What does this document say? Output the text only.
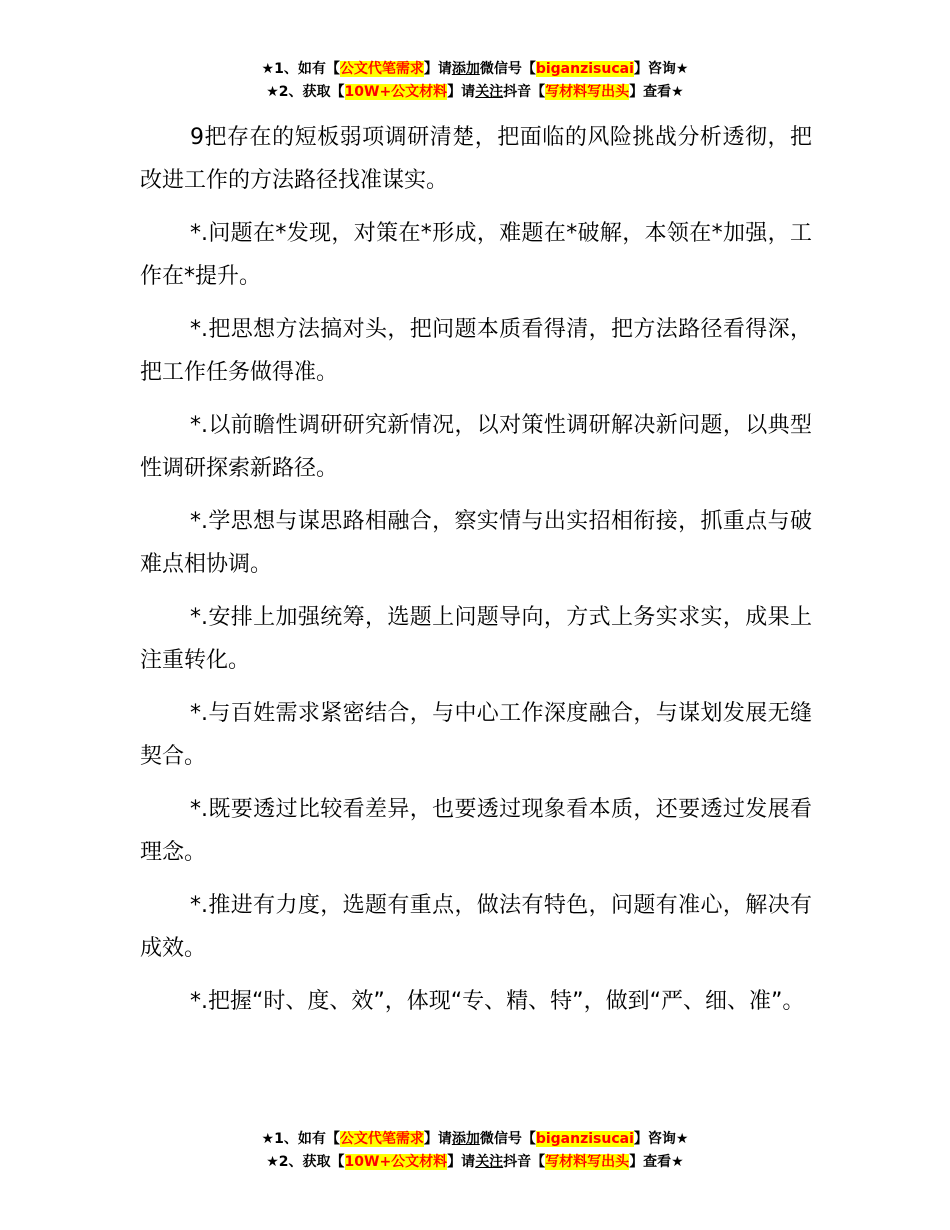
★1、如有【公文代笔需求】请添加微信号【biganzisucai】咨询★
★2、获取【10W+公文材料】请关注抖音【写材料写出头】查看★

9把存在的短板弱项调研清楚，把面临的风险挑战分析透彻，把改进工作的方法路径找准谋实。

*.问题在*发现，对策在*形成，难题在*破解，本领在*加强，工作在*提升。

*.把思想方法搞对头，把问题本质看得清，把方法路径看得深，把工作任务做得准。

*.以前瞻性调研研究新情况，以对策性调研解决新问题，以典型性调研探索新路径。

*.学思想与谋思路相融合，察实情与出实招相衔接，抓重点与破难点相协调。

*.安排上加强统筹，选题上问题导向，方式上务实求实，成果上注重转化。

*.与百姓需求紧密结合，与中心工作深度融合，与谋划发展无缝契合。

*.既要透过比较看差异，也要透过现象看本质，还要透过发展看理念。

*.推进有力度，选题有重点，做法有特色，问题有准心，解决有成效。

*.把握“时、度、效”，体现“专、精、特”，做到“严、细、准”。

★1、如有【公文代笔需求】请添加微信号【biganzisucai】咨询★
★2、获取【10W+公文材料】请关注抖音【写材料写出头】查看★
